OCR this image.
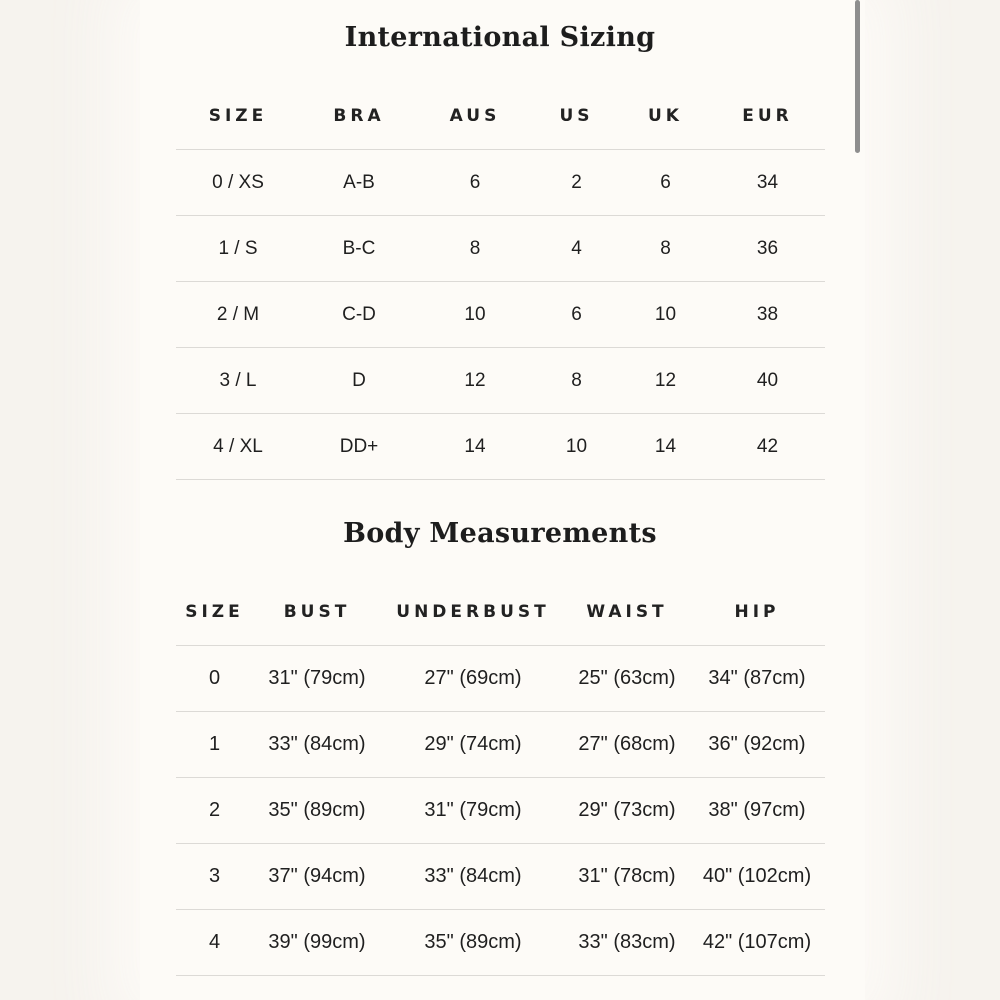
International Sizing
SIZE	BRA	AUS	US	UK	EUR
0 / XS	A-B	6	2	6	34
1 / S	B-C	8	4	8	36
2 / M	C-D	10	6	10	38
3 / L	D	12	8	12	40
4 / XL	DD+	14	10	14	42
Body Measurements
SIZE	BUST	UNDERBUST	WAIST	HIP
0	31" (79cm)	27" (69cm)	25" (63cm)	34" (87cm)
1	33" (84cm)	29" (74cm)	27" (68cm)	36" (92cm)
2	35" (89cm)	31" (79cm)	29" (73cm)	38" (97cm)
3	37" (94cm)	33" (84cm)	31" (78cm)	40" (102cm)
4	39" (99cm)	35" (89cm)	33" (83cm)	42" (107cm)
